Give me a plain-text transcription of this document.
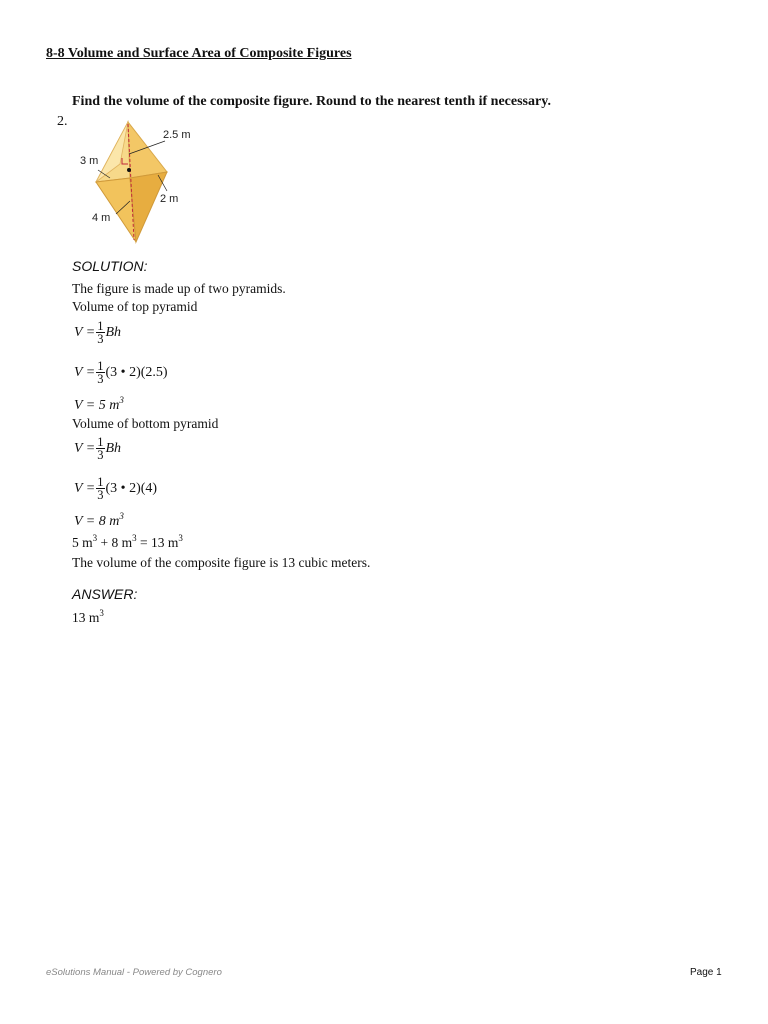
8-8 Volume and Surface Area of Composite Figures
Find the volume of the composite figure. Round to the nearest tenth if necessary.
2.
2.5 m
3 m
2 m
4 m
SOLUTION:
The figure is made up of two pyramids.
Volume of top pyramid
$V = \frac{1}{3}$ Bh
$V = \frac{1}{3} (3$ • 2)(2.5)
V = 5 $m^3$
Volume of bottom pyramid
$V = \frac{1}{3}$ Bh
$V = \frac{1}{3} (3$ • 2)(4)
V = 8 $m^3$
5 $m^3 + 8$ $m^3 = 13$ $m^3$
The volume of the composite figure is 13 cubic meters.
ANSWER:
13 $m^3$
eSolutions Manual - Powered by Cognero	Page 1
